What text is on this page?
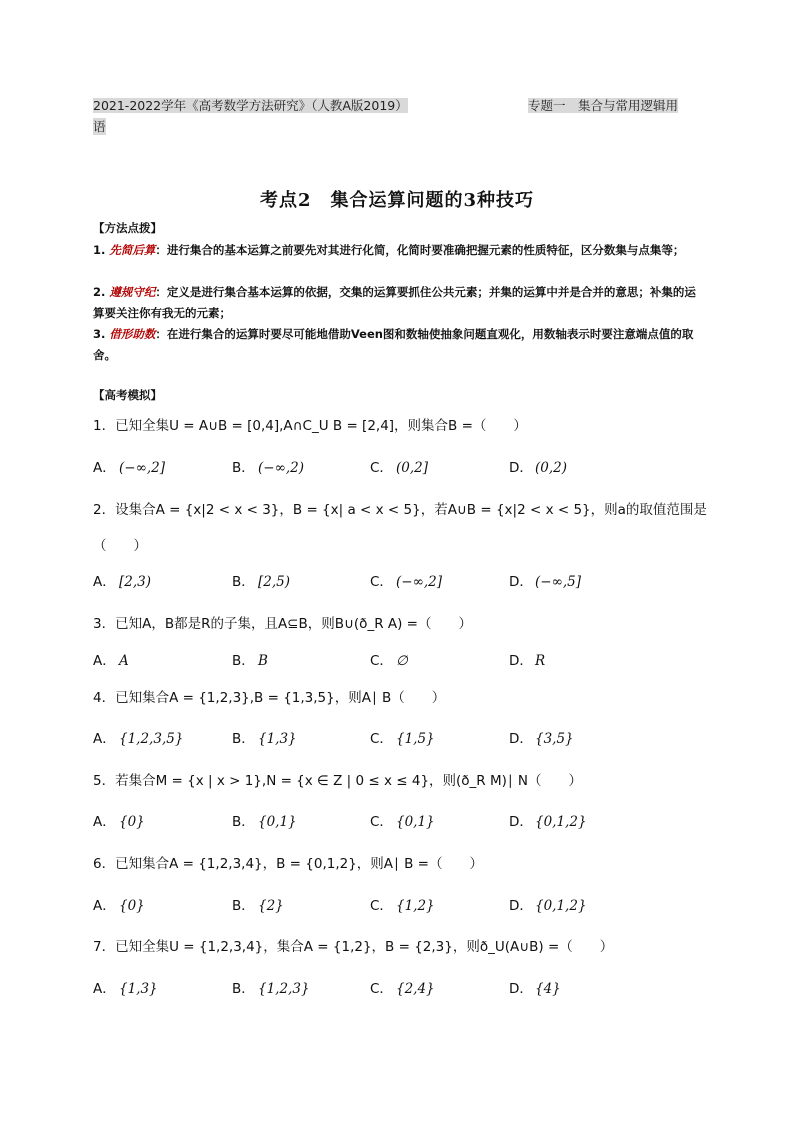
2021-2022学年《高考数学方法研究》（人教A版2019）	专题一　集合与常用逻辑用
语
考点2　集合运算问题的3种技巧
【方法点拨】
1. 先简后算：进行集合的基本运算之前要先对其进行化简，化简时要准确把握元素的性质特征，区分数集与点集等；
2. 遵规守纪：定义是进行集合基本运算的依据，交集的运算要抓住公共元素；并集的运算中并是合并的意思；补集的运算要关注你有我无的元素；
3. 借形助数：在进行集合的运算时要尽可能地借助Veen图和数轴使抽象问题直观化，用数轴表示时要注意端点值的取舍。
【高考模拟】
1．已知全集U = A∪B = [0,4],A∩C_U B = [2,4]，则集合B =（　　）
A． (−∞,2]	B． (−∞,2)	C． (0,2]	D． (0,2)
2．设集合A = {x|2 < x < 3}，B = {x| a < x < 5}，若A∪B = {x|2 < x < 5}，则a的取值范围是
（　　）
A． [2,3)	B． [2,5)	C． (−∞,2]	D． (−∞,5]
3．已知A，B都是R的子集，且A⊆B，则B∪(ð_R A) =（　　）
A． A	B． B	C． ∅	D． R
4．已知集合A = {1,2,3},B = {1,3,5}，则A∣ B（　　）
A． {1,2,3,5}	B． {1,3}	C． {1,5}	D． {3,5}
5．若集合M = {x | x > 1},N = {x ∈ Z | 0 ≤ x ≤ 4}，则(ð_R M)∣ N（　　）
A． {0}	B． {0,1}	C． {0,1}	D． {0,1,2}
6．已知集合A = {1,2,3,4}，B = {0,1,2}，则A∣ B =（　　）
A． {0}	B． {2}	C． {1,2}	D． {0,1,2}
7．已知全集U = {1,2,3,4}，集合A = {1,2}，B = {2,3}，则ð_U(A∪B) =（　　）
A． {1,3}	B． {1,2,3}	C． {2,4}	D． {4}
